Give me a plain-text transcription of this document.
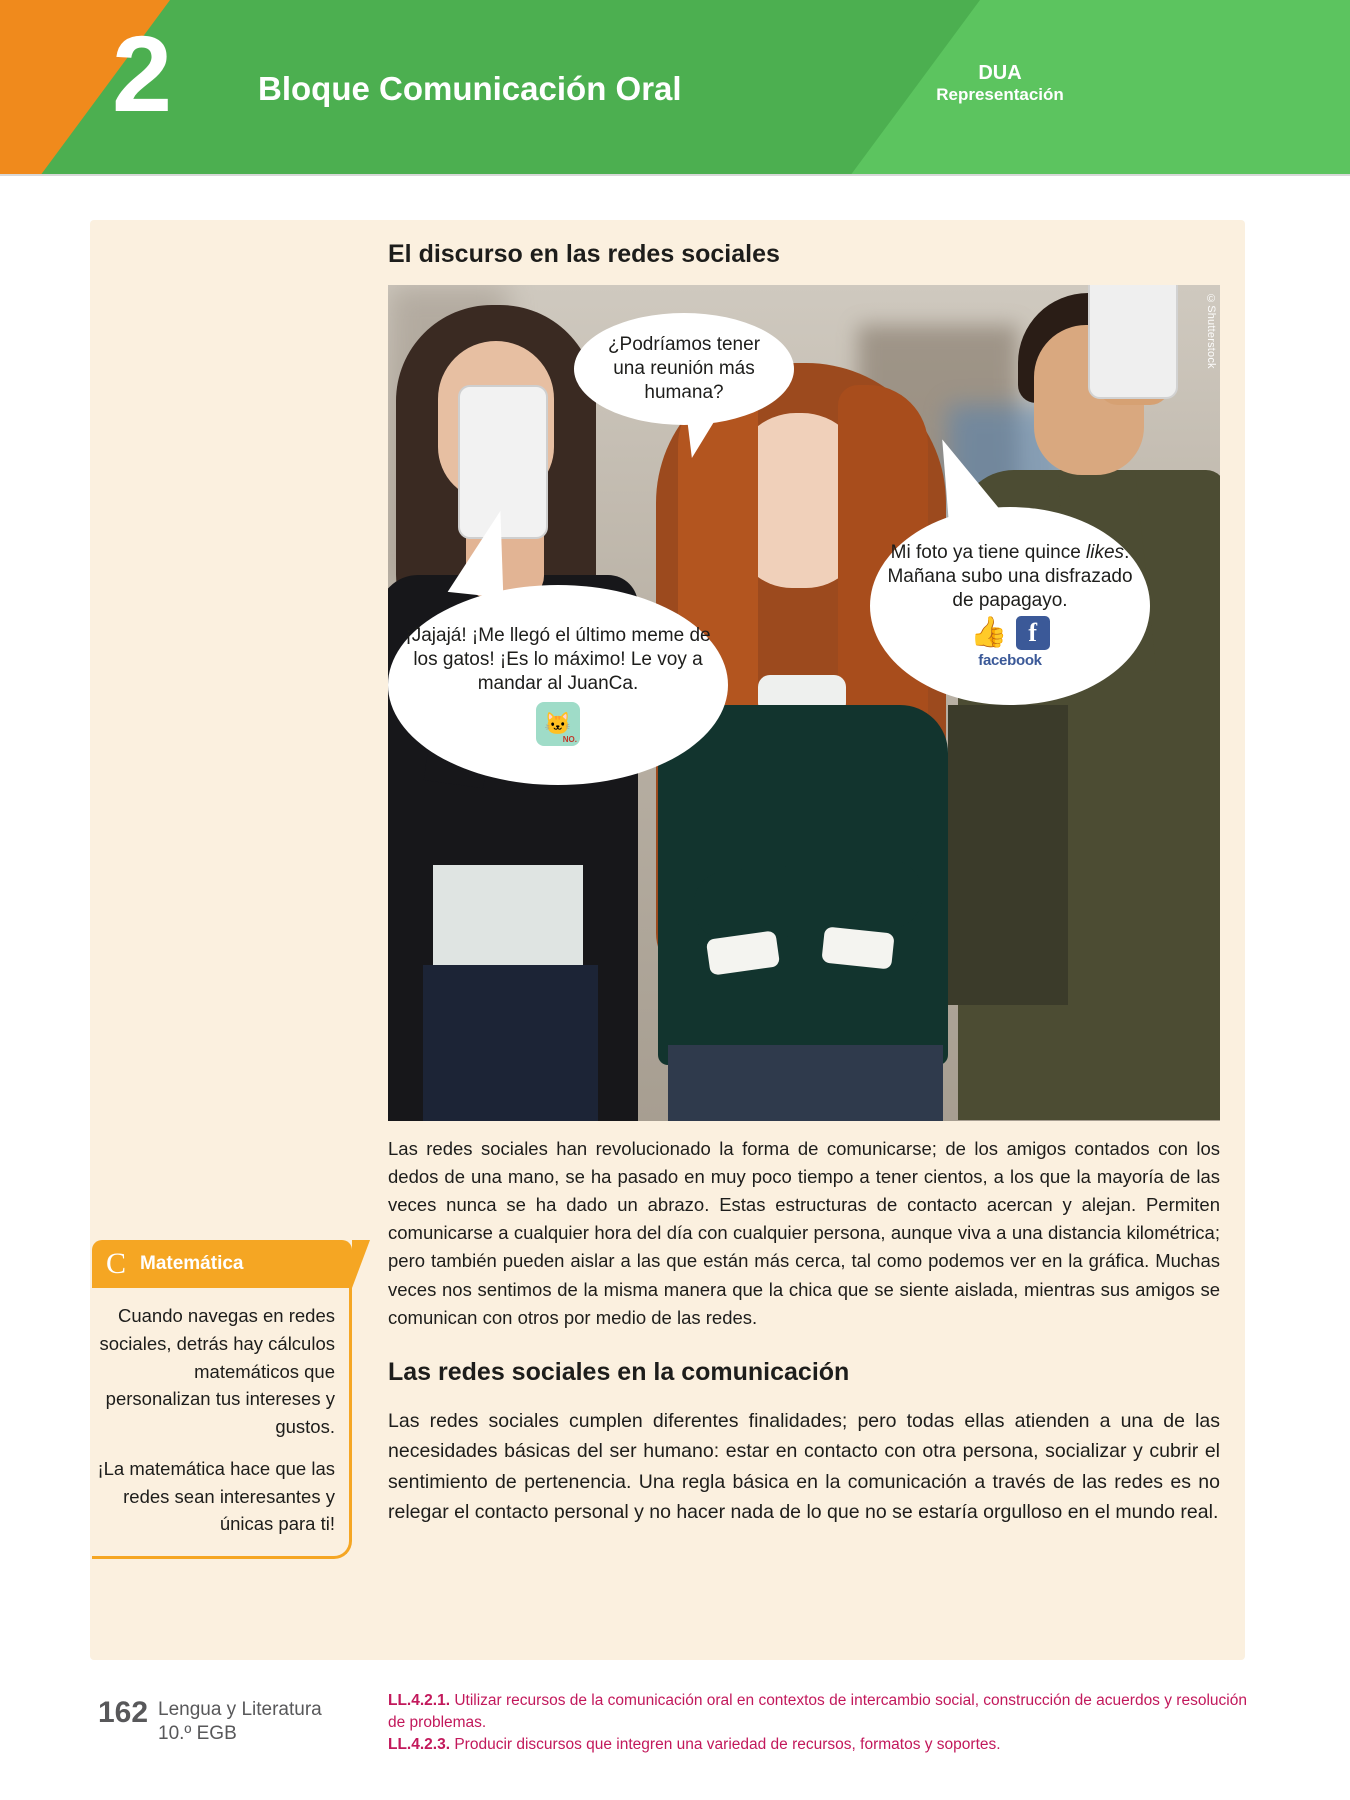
2	Bloque Comunicación Oral	DUA
Representación
El discurso en las redes sociales
©Shutterstock
¿Podríamos tener una reunión más humana?
¡Jajajá! ¡Me llegó el último meme de los gatos! ¡Es lo máximo! Le voy a mandar al JuanCa.
🐱
NO.
Mi foto ya tiene quince likes. Mañana subo una disfrazado de papagayo.
👍 f
facebook

Las redes sociales han revolucionado la forma de comunicarse; de los amigos contados con los dedos de una mano, se ha pasado en muy poco tiempo a tener cientos, a los que la mayoría de las veces nunca se ha dado un abrazo. Estas estructuras de contacto acercan y alejan. Permiten comunicarse a cualquier hora del día con cualquier persona, aunque viva a una distancia kilométrica; pero también pueden aislar a las que están más cerca, tal como podemos ver en la gráfica. Muchas veces nos sentimos de la misma manera que la chica que se siente aislada, mientras sus amigos se comunican con otros por medio de las redes.

Las redes sociales en la comunicación

Las redes sociales cumplen diferentes finalidades; pero todas ellas atienden a una de las necesidades básicas del ser humano: estar en contacto con otra persona, socializar y cubrir el sentimiento de pertenencia. Una regla básica en la comunicación a través de las redes es no relegar el contacto personal y no hacer nada de lo que no se estaría orgulloso en el mundo real.

C Matemática

Cuando navegas en redes sociales, detrás hay cálculos matemáticos que personalizan tus intereses y gustos.

¡La matemática hace que las redes sean interesantes y únicas para ti!

162 Lengua y Literatura
10.º EGB
LL.4.2.1. Utilizar recursos de la comunicación oral en contextos de intercambio social, construcción de acuerdos y resolución de problemas.
LL.4.2.3. Producir discursos que integren una variedad de recursos, formatos y soportes.
